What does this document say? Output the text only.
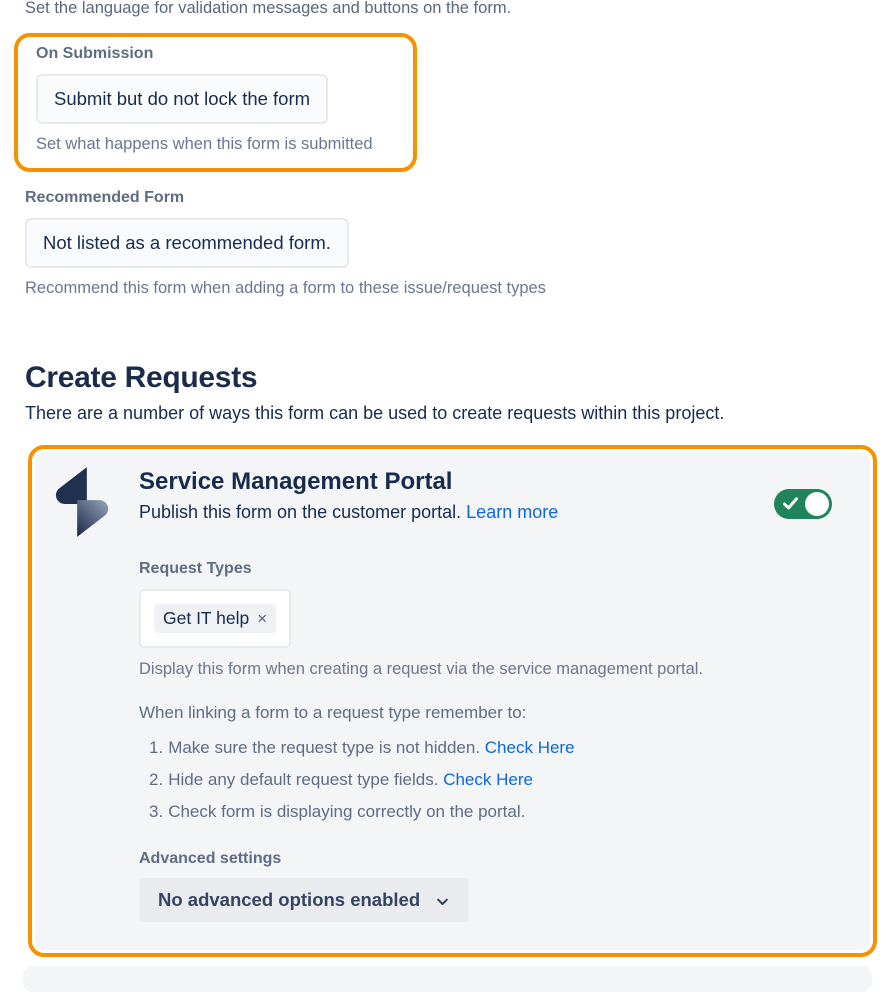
Set the language for validation messages and buttons on the form.
On Submission
Submit but do not lock the form
Set what happens when this form is submitted
Recommended Form
Not listed as a recommended form.
Recommend this form when adding a form to these issue/request types
Create Requests
There are a number of ways this form can be used to create requests within this project.
Service Management Portal
Publish this form on the customer portal. Learn more
Request Types
Get IT help ×
Display this form when creating a request via the service management portal.
When linking a form to a request type remember to:
1. Make sure the request type is not hidden. Check Here
2. Hide any default request type fields. Check Here
3. Check form is displaying correctly on the portal.
Advanced settings
No advanced options enabled
